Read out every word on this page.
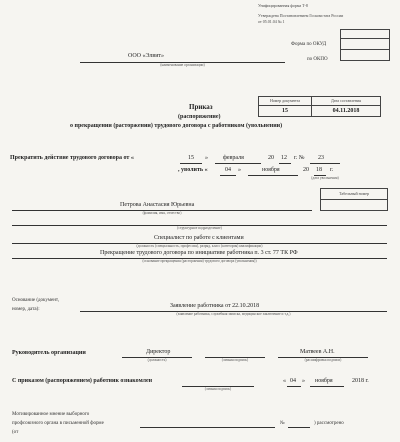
Унифицированная форма Т-8
Утверждена Постановлением Госкомстата России
от 05.01.04 № 1

Форма по ОКУД
по ОКПО
ООО «Элвит»
(наименование организации)
Номер документа	Дата составления
15	04.11.2018
Приказ
(распоряжение)
о прекращении (расторжении) трудового договора с работником (увольнении)
Прекратить действие трудового договора от «	15 »	февраля	20 12 г. № 23
, уволить «	04 »	ноября	20 18 г.
(дата увольнения)
Табельный номер

Петрова Анастасия Юрьевна
(фамилия, имя, отчество)
(структурное подразделение)
Специалист по работе с клиентами
(должность (специальность, профессия), разряд, класс (категория) квалификации)
Прекращение трудового договора по инициативе работника п. 3 ст. 77 ТК РФ
(основание прекращения (расторжения) трудового договора (увольнения))
Основание (документ,
номер, дата):
Заявление работника от 22.10.2018
(заявление работника, служебная записка, медицинское заключение и т.д.)
Руководитель организации	Директор
(должность)	(личная подпись)
Матвеев А.Н.
(расшифровка подписи)
С приказом (распоряжением) работник ознакомлен
(личная подпись)
« 04 » ноября	2018 г.
Мотивированное мнение выборного
профсоюзного органа в письменной форме
(от
№	) рассмотрено
